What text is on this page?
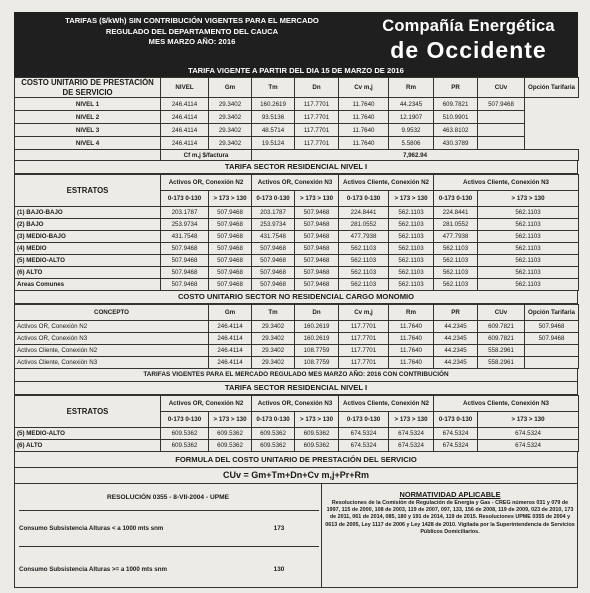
TARIFAS ($/kWh) SIN CONTRIBUCIÓN VIGENTES PARA EL MERCADO
REGULADO DEL DEPARTAMENTO DEL CAUCA
MES MARZO AÑO: 2016
Compañía Energética
de Occidente
TARIFA VIGENTE A PARTIR DEL DIA 15 DE MARZO DE 2016
COSTO UNITARIO DE PRESTACIÓN DE SERVICIO	NIVEL	Gm	Tm	Dn	Cv m,j	Rm	PR	CUv	Opción Tarifaria
NIVEL 1	246.4114	29.3402	160.2619	117.7701	11.7640	44.2345	609.7821	507.9468	
NIVEL 2	246.4114	29.3402	93.5136	117.7701	11.7640	12.1907	510.9901		
NIVEL 3	246.4114	29.3402	48.5714	117.7701	11.7640	9.9532	463.8102		
NIVEL 4	246.4114	29.3402	19.5124	117.7701	11.7640	5.5806	430.3789		
	Cf m,j $/factura		7,962.94						
TARIFA SECTOR RESIDENCIAL NIVEL I
ESTRATOS	Activos OR, Conexión N2		Activos OR, Conexión N3		Activos Cliente, Conexión N2		Activos Cliente, Conexión N3	
	0-173 0-130	> 173 > 130	0-173 0-130	> 173 > 130	0-173 0-130	> 173 > 130	0-173 0-130	> 173 > 130
(1) BAJO-BAJO	203.1787	507.9468	203.1787	507.9468	224.8441	562.1103	224.8441	562.1103
(2) BAJO	253.9734	507.9468	253.9734	507.9468	281.0552	562.1103	281.0552	562.1103
(3) MEDIO-BAJO	431.7548	507.9468	431.7548	507.9468	477.7938	562.1103	477.7938	562.1103
(4) MEDIO	507.9468	507.9468	507.9468	507.9468	562.1103	562.1103	562.1103	562.1103
(5) MEDIO-ALTO	507.9468	507.9468	507.9468	507.9468	562.1103	562.1103	562.1103	562.1103
(6) ALTO	507.9468	507.9468	507.9468	507.9468	562.1103	562.1103	562.1103	562.1103
Areas Comunes	507.9468	507.9468	507.9468	507.9468	562.1103	562.1103	562.1103	562.1103
COSTO UNITARIO SECTOR NO RESIDENCIAL CARGO MONOMIO
CONCEPTO	Gm	Tm	Dn	Cv m,j	Rm	PR	CUv	Opción Tarifaria
Activos OR, Conexión N2	246.4114	29.3402	160.2619	117.7701	11.7640	44.2345	609.7821	507.9468
Activos OR, Conexión N3	246.4114	29.3402	160.2619	117.7701	11.7640	44.2345	609.7821	507.9468
Activos Cliente, Conexión N2	246.4114	29.3402	108.7759	117.7701	11.7640	44.2345	558.2961	
Activos Cliente, Conexión N3	246.4114	29.3402	108.7759	117.7701	11.7640	44.2345	558.2961	
TARIFAS VIGENTES PARA EL MERCADO REGULADO MES MARZO AÑO: 2016 CON CONTRIBUCIÓN
TARIFA SECTOR RESIDENCIAL NIVEL I
ESTRATOS	Activos OR, Conexión N2		Activos OR, Conexión N3		Activos Cliente, Conexión N2		Activos Cliente, Conexión N3	
	0-173 0-130	> 173 > 130	0-173 0-130	> 173 > 130	0-173 0-130	> 173 > 130	0-173 0-130	> 173 > 130
(5) MEDIO-ALTO	609.5362	609.5362	609.5362	609.5362	674.5324	674.5324	674.5324	674.5324
(6) ALTO	609.5362	609.5362	609.5362	609.5362	674.5324	674.5324	674.5324	674.5324
FORMULA DEL COSTO UNITARIO DE PRESTACIÓN DEL SERVICIO
CUv = Gm+Tm+Dn+Cv m,j+Pr+Rm
RESOLUCIÓN 0355 - 8-VII-2004 - UPME
Consumo Subsistencia Alturas < a 1000 mts snm	173
Consumo Subsistencia Alturas >= a 1000 mts snm	130
NORMATIVIDAD APLICABLE
Resoluciones de la Comisión de Regulación de Energía y Gas - CREG números 031 y 079 de 1997, 115 de 2000, 108 de 2003, 119 de 2007, 097, 133, 156 de 2008, 119 de 2009, 023 de 2010, 173 de 2011, 061 de 2014, 085, 180 y 191 de 2014, 119 de 2015. Resoluciones UPME 0355 de 2004 y 0613 de 2005, Ley 1117 de 2006 y Ley 1428 de 2010. Vigilada por la Superintendencia de Servicios Públicos Domiciliarios.
